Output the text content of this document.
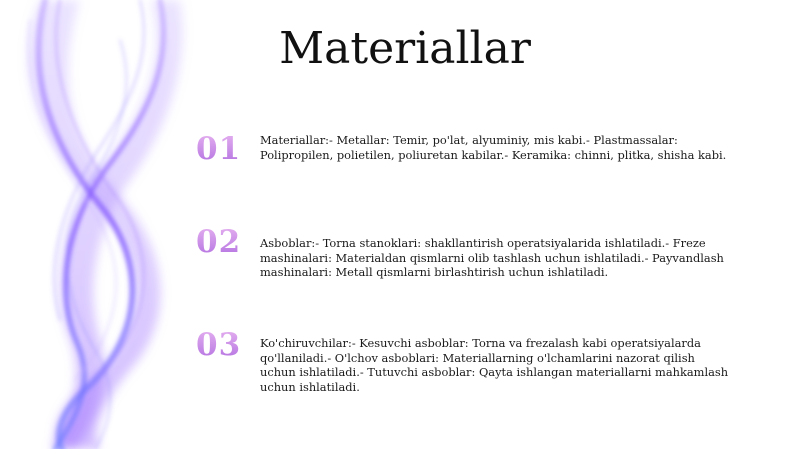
Materiallar
01	Materiallar:- Metallar: Temir, po'lat, alyuminiy, mis kabi.- Plastmassalar: Polipropilen, polietilen, poliuretan kabilar.- Keramika: chinni, plitka, shisha kabi.
02	Asboblar:- Torna stanoklari: shakllantirish operatsiyalarida ishlatiladi.- Freze mashinalari: Materialdan qismlarni olib tashlash uchun ishlatiladi.- Payvandlash mashinalari: Metall qismlarni birlashtirish uchun ishlatiladi.
03	Ko'chiruvchilar:- Kesuvchi asboblar: Torna va frezalash kabi operatsiyalarda qo'llaniladi.- O'lchov asboblari: Materiallarning o'lchamlarini nazorat qilish uchun ishlatiladi.- Tutuvchi asboblar: Qayta ishlangan materiallarni mahkamlash uchun ishlatiladi.
